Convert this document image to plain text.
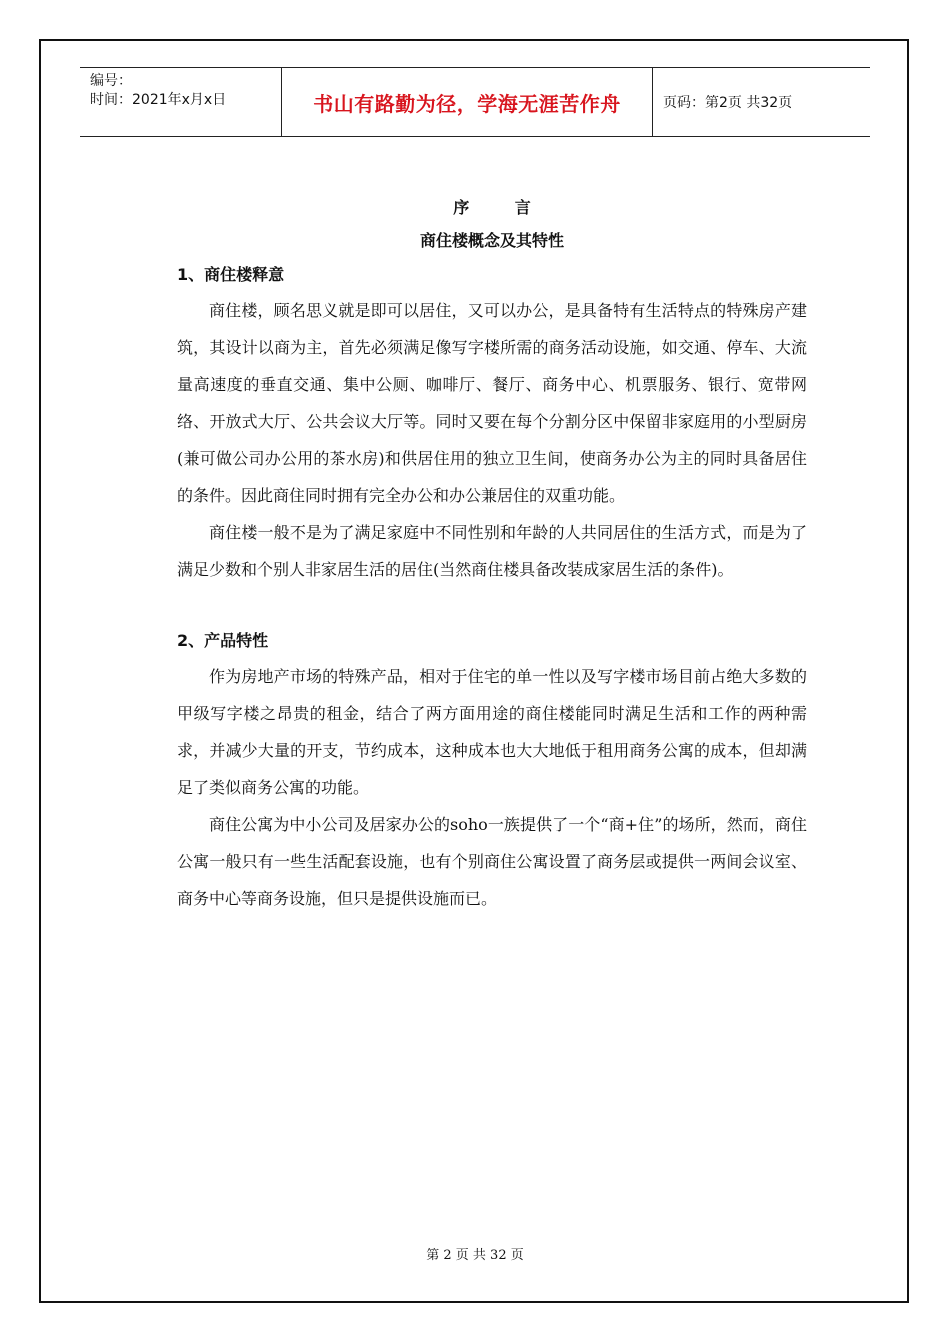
编号：
时间：2021年x月x日	书山有路勤为径，学海无涯苦作舟	页码：第2页 共32页
序	言
商住楼概念及其特性
1、商住楼释意

商住楼，顾名思义就是即可以居住，又可以办公，是具备特有生活特点的特殊房产建筑，其设计以商为主，首先必须满足像写字楼所需的商务活动设施，如交通、停车、大流量高速度的垂直交通、集中公厕、咖啡厅、餐厅、商务中心、机票服务、银行、宽带网络、开放式大厅、公共会议大厅等。同时又要在每个分割分区中保留非家庭用的小型厨房(兼可做公司办公用的茶水房)和供居住用的独立卫生间，使商务办公为主的同时具备居住的条件。因此商住同时拥有完全办公和办公兼居住的双重功能。

商住楼一般不是为了满足家庭中不同性别和年龄的人共同居住的生活方式，而是为了满足少数和个别人非家居生活的居住(当然商住楼具备改装成家居生活的条件)。

2、产品特性

作为房地产市场的特殊产品，相对于住宅的单一性以及写字楼市场目前占绝大多数的甲级写字楼之昂贵的租金，结合了两方面用途的商住楼能同时满足生活和工作的两种需求，并减少大量的开支，节约成本，这种成本也大大地低于租用商务公寓的成本，但却满足了类似商务公寓的功能。

商住公寓为中小公司及居家办公的soho一族提供了一个“商+住”的场所，然而，商住公寓一般只有一些生活配套设施，也有个别商住公寓设置了商务层或提供一两间会议室、商务中心等商务设施，但只是提供设施而已。

第 2 页 共 32 页
